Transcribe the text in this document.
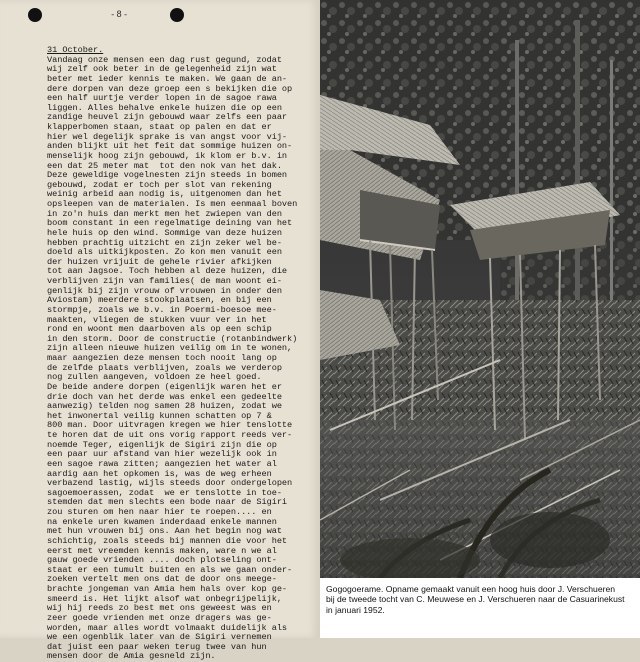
-8-
31 October.
Vandaag onze mensen een dag rust gegund, zodat
wij zelf ook beter in de gelegenheid zijn wat
beter met ieder kennis te maken. We gaan de an-
dere dorpen van deze groep een s bekijken die op
een half uurtje verder lopen in de sagoe rawa
liggen. Alles behalve enkele huizen die op een
zandige heuvel zijn gebouwd waar zelfs een paar
klapperbomen staan, staat op palen en dat er
hier wel degelijk sprake is van angst voor vij-
anden blijkt uit het feit dat sommige huizen on-
menselijk hoog zijn gebouwd, ik klom er b.v. in
een dat 25 meter mat  tot den nok van het dak.
Deze geweldige vogelnesten zijn steeds in bomen
gebouwd, zodat er toch per slot van rekening
weinig arbeid aan nodig is, uitgenomen dan het
opsleepen van de materialen. Is men eenmaal boven
in zo'n huis dan merkt men het zwiepen van den
boom constant in een regelmatige deining van het
hele huis op den wind. Sommige van deze huizen
hebben prachtig uitzicht en zijn zeker wel be-
doeld als uitkijkposten. Zo kon men vanuit een
der huizen vrijuit de gehele rivier afkijken
tot aan Jagsoe. Toch hebben al deze huizen, die
verblijven zijn van families( de man woont ei-
genlijk bij zijn vrouw of vrouwen in onder den
Aviostam) meerdere stookplaatsen, en bij een
stormpje, zoals we b.v. in Poermi-boesoe mee-
maakten, vliegen de stukken vuur ver in het
rond en woont men daarboven als op een schip
in den storm. Door de constructie (rotanbindwerk)
zijn alleen nieuwe huizen veilig om in te wonen,
maar aangezien deze mensen toch nooit lang op
de zelfde plaats verblijven, zoals we verderop
nog zullen aangeven, voldoen ze heel goed.
De beide andere dorpen (eigenlijk waren het er
drie doch van het derde was enkel een gedeelte
aanwezig) telden nog samen 28 huizen, zodat we
het inwonertal veilig kunnen schatten op 7 &
800 man. Door uitvragen kregen we hier tenslotte
te horen dat de uit ons vorig rapport reeds ver-
noemde Teger, eigenlijk de Sigiri zijn die op
een paar uur afstand van hier wezelijk ook in
een sagoe rawa zitten; aangezien het water al
aardig aan het opkomen is, was de weg erheen
verbazend lastig, wijls steeds door ondergelopen
sagoemoerassen, zodat  we er tenslotte in toe-
stemden dat men slechts een bode naar de Sigiri
zou sturen om hen naar hier te roepen.... en
na enkele uren kwamen inderdaad enkele mannen
met hun vrouwen bij ons. Aan het begin nog wat
schichtig, zoals steeds bij mannen die voor het
eerst met vreemden kennis maken, ware n we al
gauw goede vrienden .... doch plotseling ont-
staat er een tumult buiten en als we gaan onder-
zoeken vertelt men ons dat de door ons meege-
brachte jongeman van Amia hem hals over kop ge-
smeerd is. Het lijkt alsof wat onbegrijpelijk,
wij hij reeds zo best met ons geweest was en
zeer goede vrienden met onze dragers was ge-
worden, maar alles wordt volmaakt duidelijk als
we een ogenblik later van de Sigiri vernemen
dat juist een paar weken terug twee van hun
mensen door de Amia gesneld zijn.
Gogogoerame. Opname gemaakt vanuit een hoog huis door J. Verschueren
bij de tweede tocht van C. Meuwese en J. Verschueren naar de Casuarinekust
in januari 1952.
